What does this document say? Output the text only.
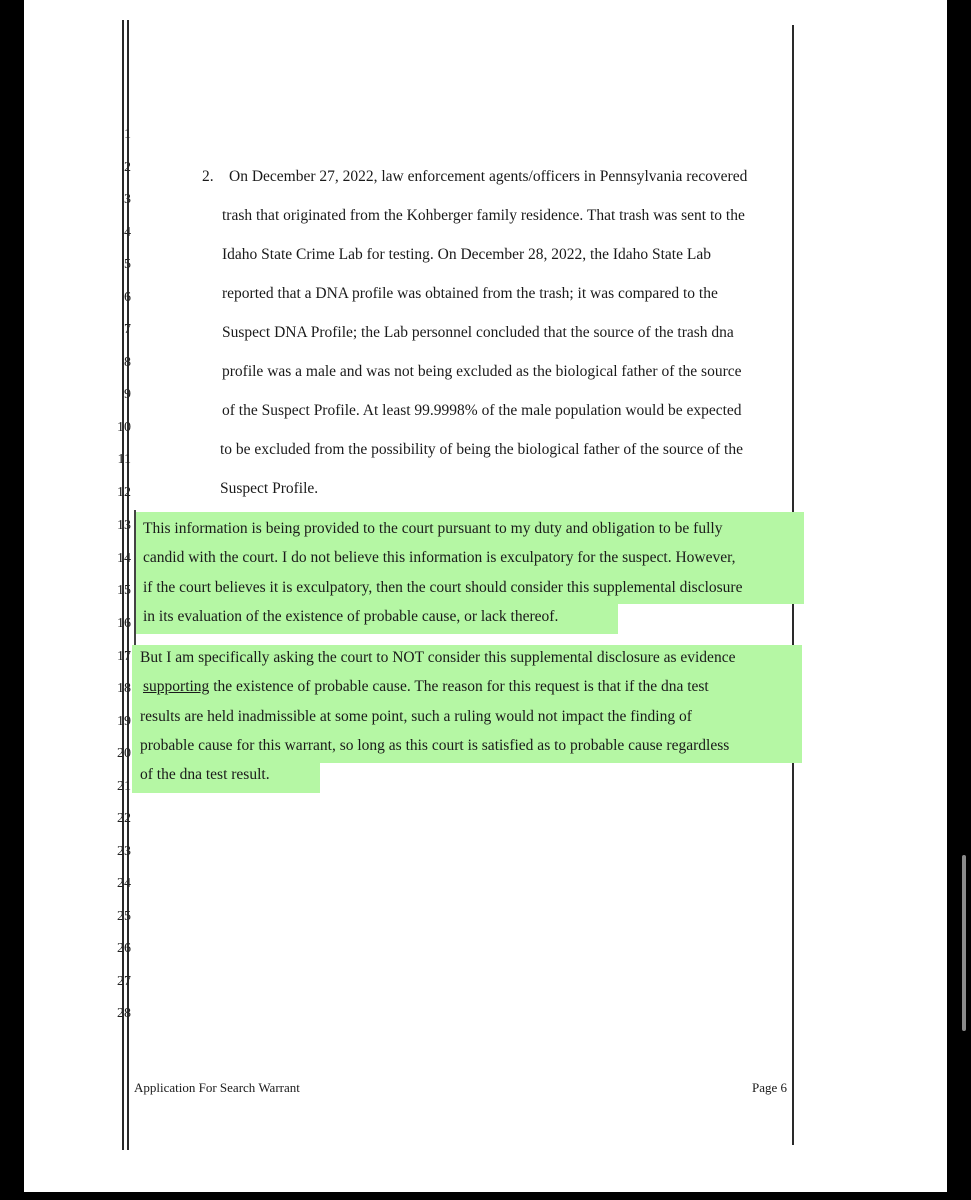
1
2
3
4
5
6
7
8
9
10
11
12
13
14
15
16
17
18
19
20
21
22
23
24
25
26
27
28
2. On December 27, 2022, law enforcement agents/officers in Pennsylvania recovered
trash that originated from the Kohberger family residence. That trash was sent to the
Idaho State Crime Lab for testing. On December 28, 2022, the Idaho State Lab
reported that a DNA profile was obtained from the trash; it was compared to the
Suspect DNA Profile; the Lab personnel concluded that the source of the trash dna
profile was a male and was not being excluded as the biological father of the source
of the Suspect Profile. At least 99.9998% of the male population would be expected
to be excluded from the possibility of being the biological father of the source of the
Suspect Profile.
This information is being provided to the court pursuant to my duty and obligation to be fully
candid with the court. I do not believe this information is exculpatory for the suspect. However,
if the court believes it is exculpatory, then the court should consider this supplemental disclosure
in its evaluation of the existence of probable cause, or lack thereof.
But I am specifically asking the court to NOT consider this supplemental disclosure as evidence
supporting the existence of probable cause. The reason for this request is that if the dna test
results are held inadmissible at some point, such a ruling would not impact the finding of
probable cause for this warrant, so long as this court is satisfied as to probable cause regardless
of the dna test result.
Application For Search Warrant	Page 6
